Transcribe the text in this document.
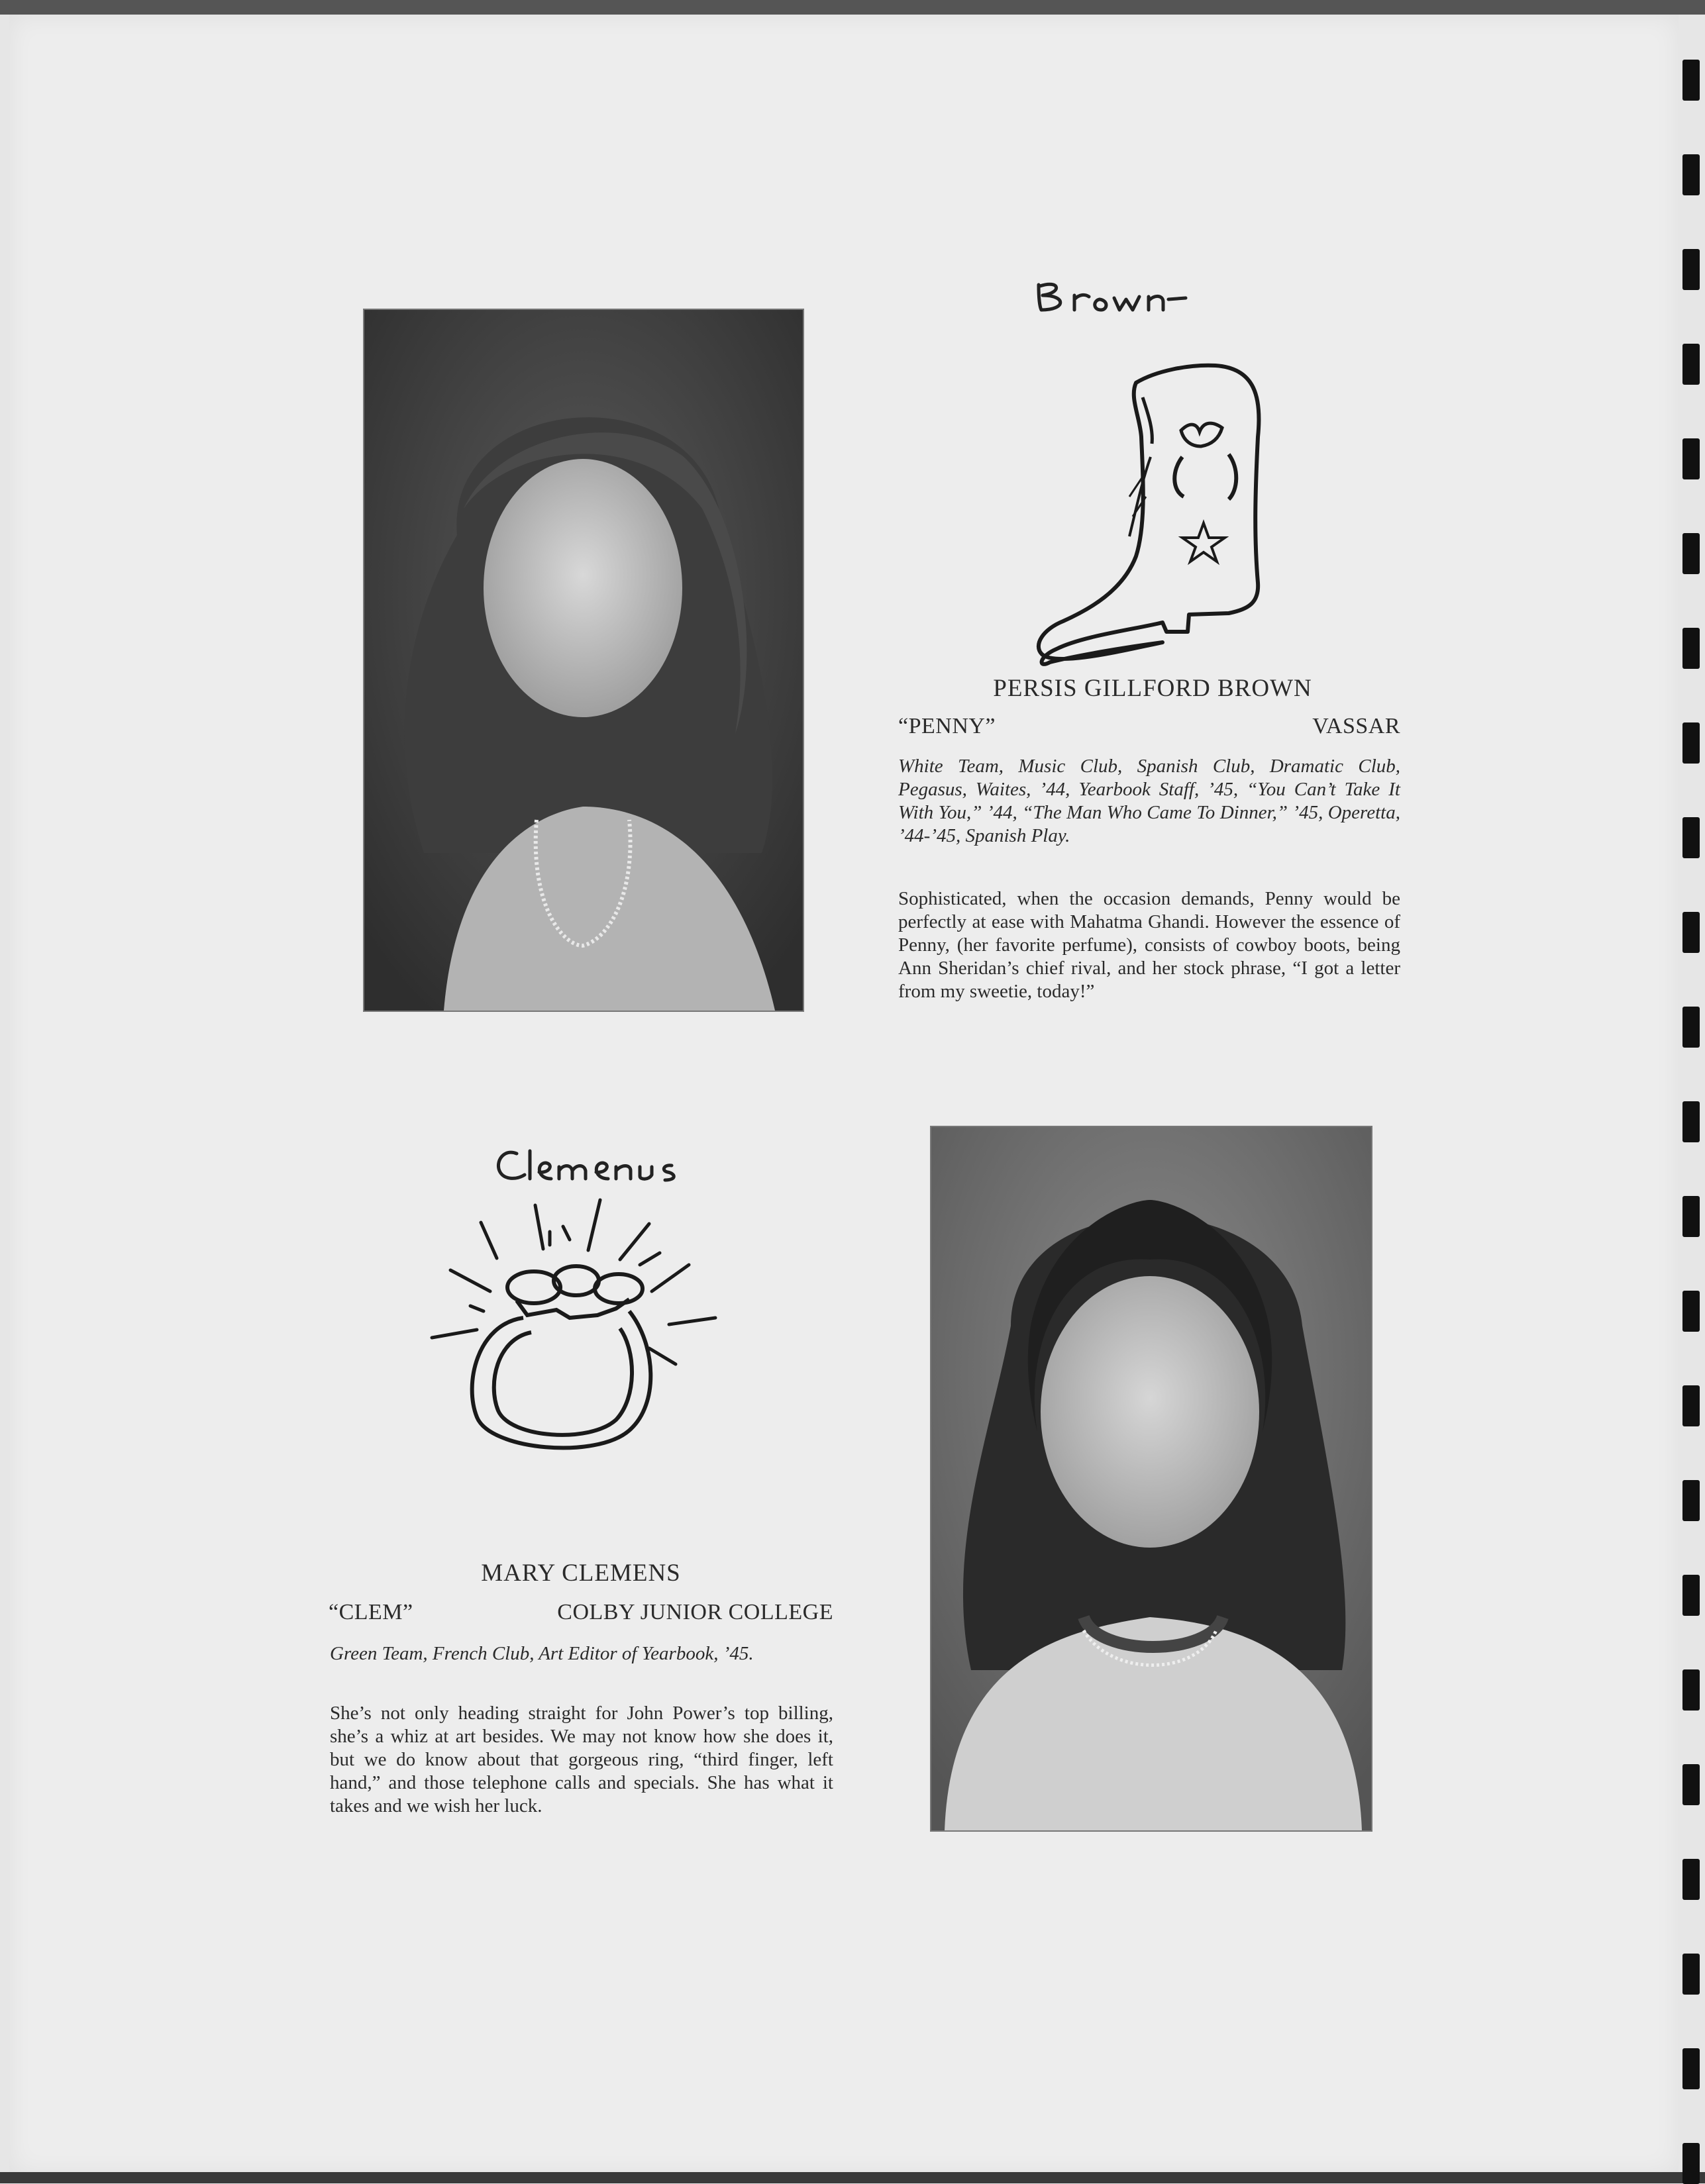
PERSIS GILLFORD BROWN
“PENNY”	VASSAR
White Team, Music Club, Spanish Club, Dramatic Club, Pegasus, Waites, ’44, Yearbook Staff, ’45, “You Can’t Take It With You,” ’44, “The Man Who Came To Dinner,” ’45, Operetta, ’44-’45, Spanish Play.
Sophisticated, when the occasion demands, Penny would be perfectly at ease with Mahatma Ghandi. However the essence of Penny, (her favorite perfume), consists of cowboy boots, being Ann Sheridan’s chief rival, and her stock phrase, “I got a letter from my sweetie, today!”
MARY CLEMENS
“CLEM”	COLBY JUNIOR COLLEGE
Green Team, French Club, Art Editor of Yearbook, ’45.
She’s not only heading straight for John Power’s top billing, she’s a whiz at art besides. We may not know how she does it, but we do know about that gorgeous ring, “third finger, left hand,” and those telephone calls and specials. She has what it takes and we wish her luck.
